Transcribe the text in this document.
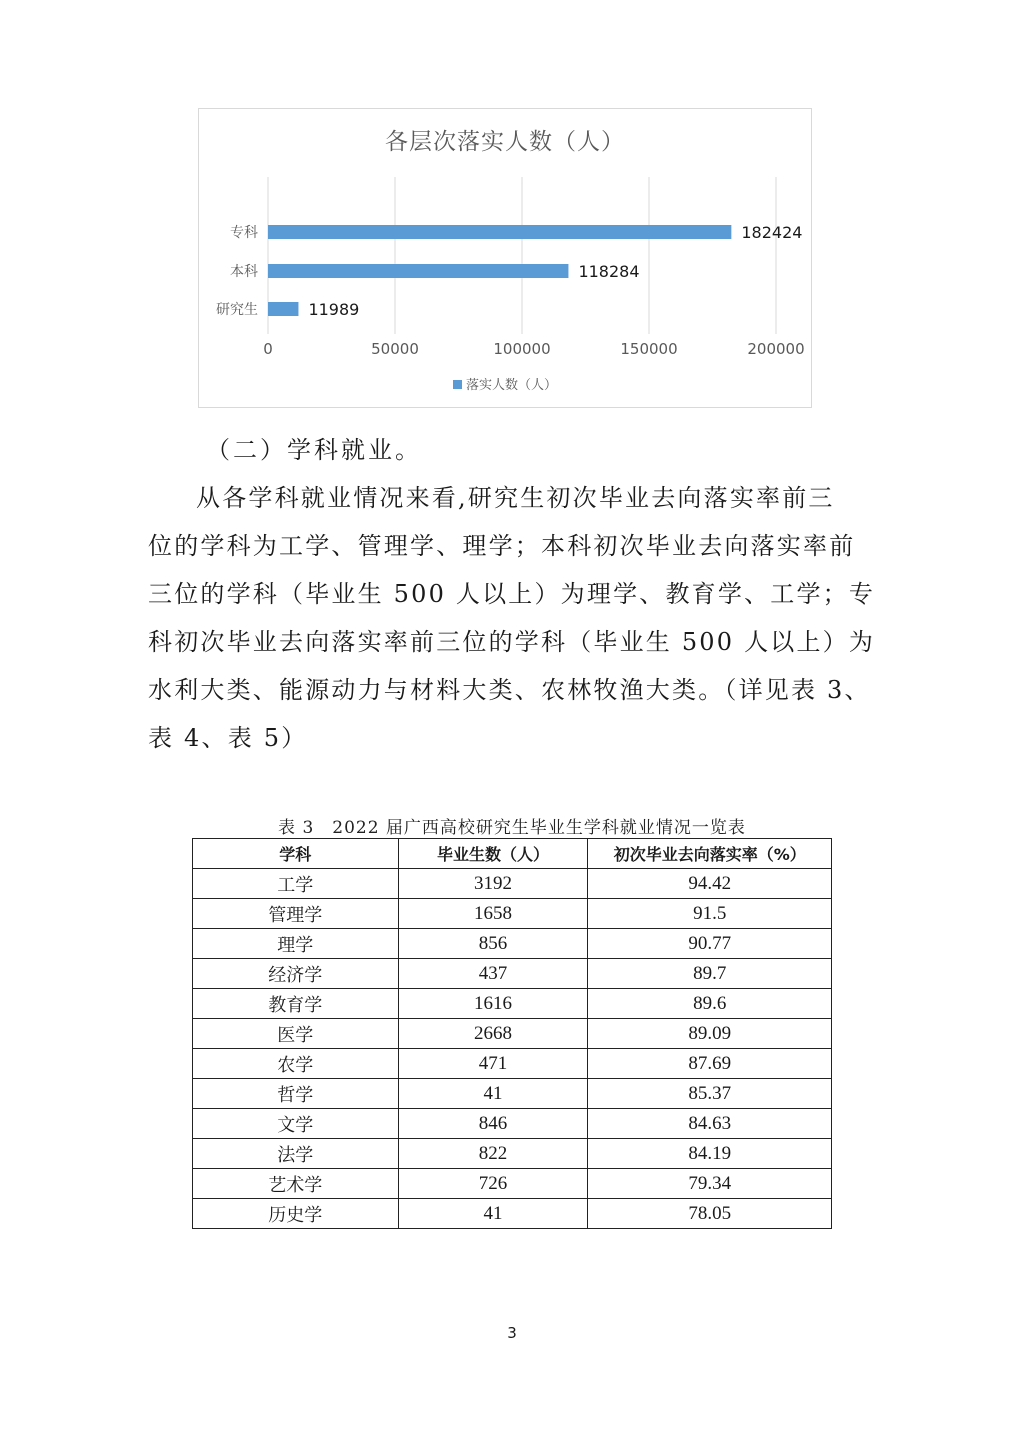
各层次落实人数（人）
0	50000	100000	150000	200000
专科	182424
本科	118284
研究生	11989
落实人数（人）
（二）学科就业。

从各学科就业情况来看,研究生初次毕业去向落实率前三

位的学科为工学、管理学、理学；本科初次毕业去向落实率前

三位的学科（毕业生 500 人以上）为理学、教育学、工学；专

科初次毕业去向落实率前三位的学科（毕业生 500 人以上）为

水利大类、能源动力与材料大类、农林牧渔大类。（详见表 3、

表 4、表 5）

表 3　2022 届广西高校研究生毕业生学科就业情况一览表
学科	毕业生数（人）	初次毕业去向落实率（%）
工学	3192	94.42
管理学	1658	91.5
理学	856	90.77
经济学	437	89.7
教育学	1616	89.6
医学	2668	89.09
农学	471	87.69
哲学	41	85.37
文学	846	84.63
法学	822	84.19
艺术学	726	79.34
历史学	41	78.05
3
